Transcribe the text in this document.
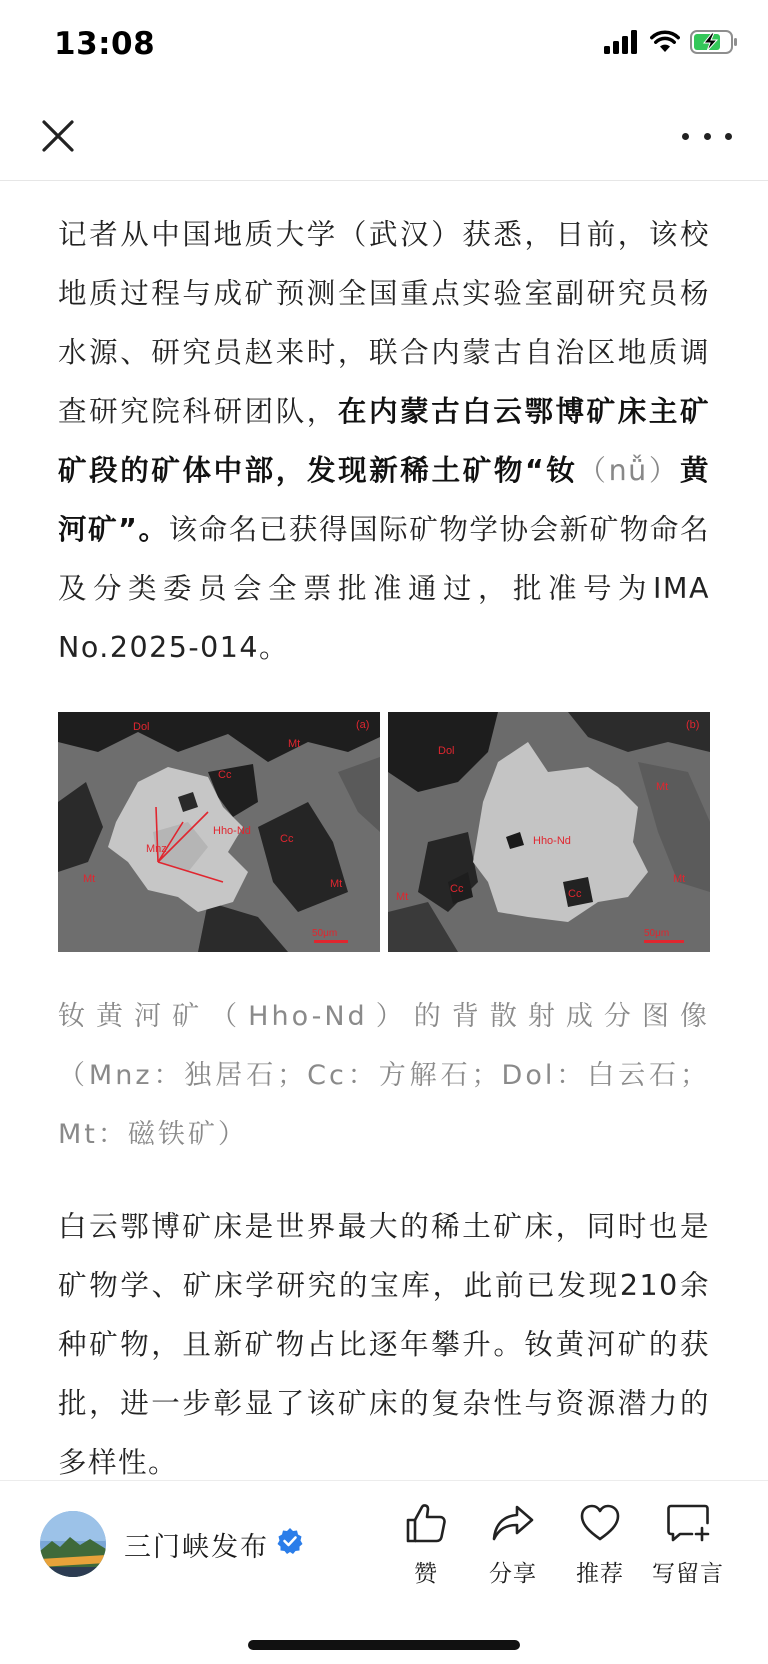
13:08

记者从中国地质大学（武汉）获悉，日前，该校地质过程与成矿预测全国重点实验室副研究员杨水源、研究员赵来时，联合内蒙古自治区地质调查研究院科研团队，在内蒙古白云鄂博矿床主矿矿段的矿体中部，发现新稀土矿物“钕（nǚ）黄河矿”。该命名已获得国际矿物学协会新矿物命名及分类委员会全票批准通过，批准号为IMA No.2025-014。

Dol
Mt
(a)
Cc
Hho-Nd
Cc
Mnz
Mt	Mt
50μm
Dol
(b)
Mt
Hho-Nd
Mt
Mt
Cc	Cc
50μm

钕黄河矿（Hho-Nd）的背散射成分图像（Mnz：独居石；Cc：方解石；Dol：白云石；Mt：磁铁矿）

白云鄂博矿床是世界最大的稀土矿床，同时也是矿物学、矿床学研究的宝库，此前已发现210余种矿物，且新矿物占比逐年攀升。钕黄河矿的获批，进一步彰显了该矿床的复杂性与资源潜力的多样性。

三门峡发布
赞	分享	推荐	写留言
